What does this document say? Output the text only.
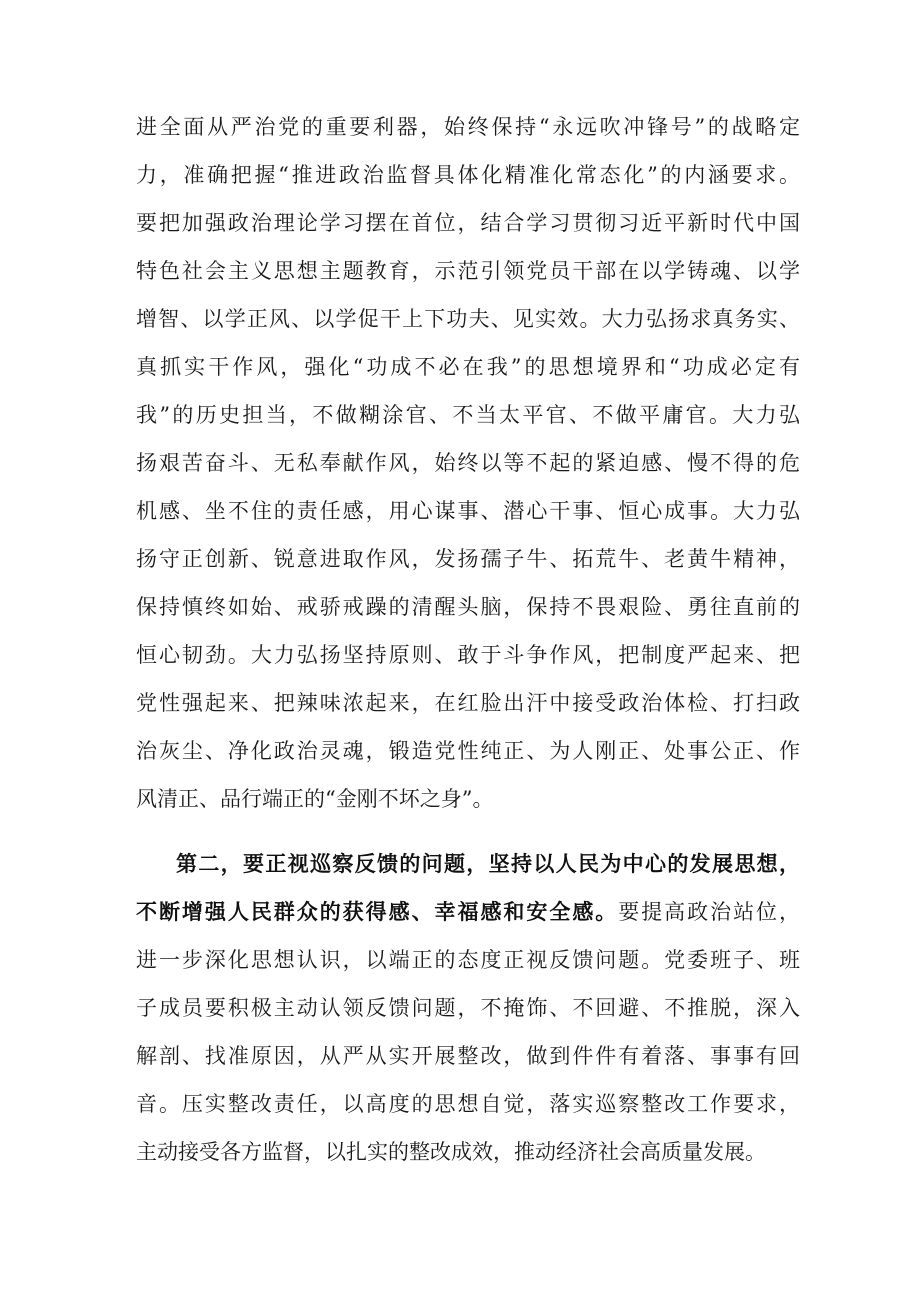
进全面从严治党的重要利器，始终保持“永远吹冲锋号”的战略定
力，准确把握“推进政治监督具体化精准化常态化”的内涵要求。
要把加强政治理论学习摆在首位，结合学习贯彻习近平新时代中国
特色社会主义思想主题教育，示范引领党员干部在以学铸魂、以学
增智、以学正风、以学促干上下功夫、见实效。大力弘扬求真务实、
真抓实干作风，强化“功成不必在我”的思想境界和“功成必定有
我”的历史担当，不做糊涂官、不当太平官、不做平庸官。大力弘
扬艰苦奋斗、无私奉献作风，始终以等不起的紧迫感、慢不得的危
机感、坐不住的责任感，用心谋事、潜心干事、恒心成事。大力弘
扬守正创新、锐意进取作风，发扬孺子牛、拓荒牛、老黄牛精神，
保持慎终如始、戒骄戒躁的清醒头脑，保持不畏艰险、勇往直前的
恒心韧劲。大力弘扬坚持原则、敢于斗争作风，把制度严起来、把
党性强起来、把辣味浓起来，在红脸出汗中接受政治体检、打扫政
治灰尘、净化政治灵魂，锻造党性纯正、为人刚正、处事公正、作
风清正、品行端正的“金刚不坏之身”。
第二，要正视巡察反馈的问题，坚持以人民为中心的发展思想，
不断增强人民群众的获得感、幸福感和安全感。要提高政治站位，
进一步深化思想认识，以端正的态度正视反馈问题。党委班子、班
子成员要积极主动认领反馈问题，不掩饰、不回避、不推脱，深入
解剖、找准原因，从严从实开展整改，做到件件有着落、事事有回
音。压实整改责任，以高度的思想自觉，落实巡察整改工作要求，
主动接受各方监督，以扎实的整改成效，推动经济社会高质量发展。
